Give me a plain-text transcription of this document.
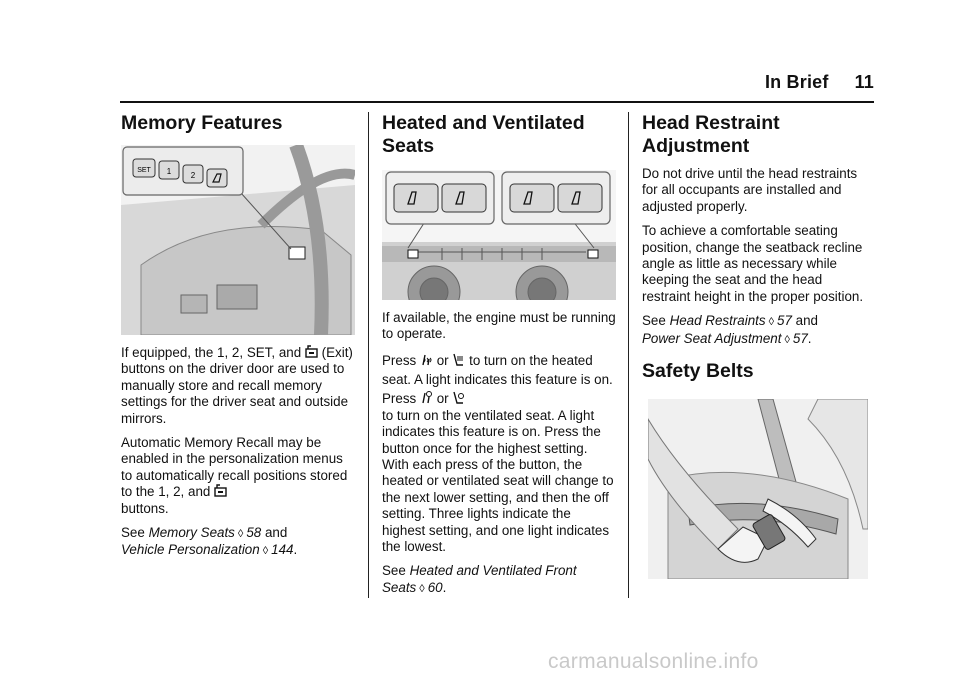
In Brief 11
Memory Features
SET 1 2

If equipped, the 1, 2, SET, and (Exit) buttons on the driver door are used to manually store and recall memory settings for the driver seat and outside mirrors.

Automatic Memory Recall may be enabled in the personalization menus to automatically recall positions stored to the 1, 2, and
buttons.

See Memory Seats ◊ 58 and
Vehicle Personalization ◊ 144.

Heated and Ventilated Seats

If available, the engine must be running to operate.

Press or to turn on the heated seat. A light indicates this feature is on. Press or

to turn on the ventilated seat. A light indicates this feature is on. Press the button once for the highest setting. With each press of the button, the heated or ventilated seat will change to the next lower setting, and then the off setting. Three lights indicate the highest setting, and one light indicates the lowest.

See Heated and Ventilated Front Seats ◊ 60.

Head Restraint Adjustment

Do not drive until the head restraints for all occupants are installed and adjusted properly.

To achieve a comfortable seating position, change the seatback recline angle as little as necessary while keeping the seat and the head restraint height in the proper position.

See Head Restraints ◊ 57 and
Power Seat Adjustment ◊ 57.

Safety Belts
carmanualsonline.info
